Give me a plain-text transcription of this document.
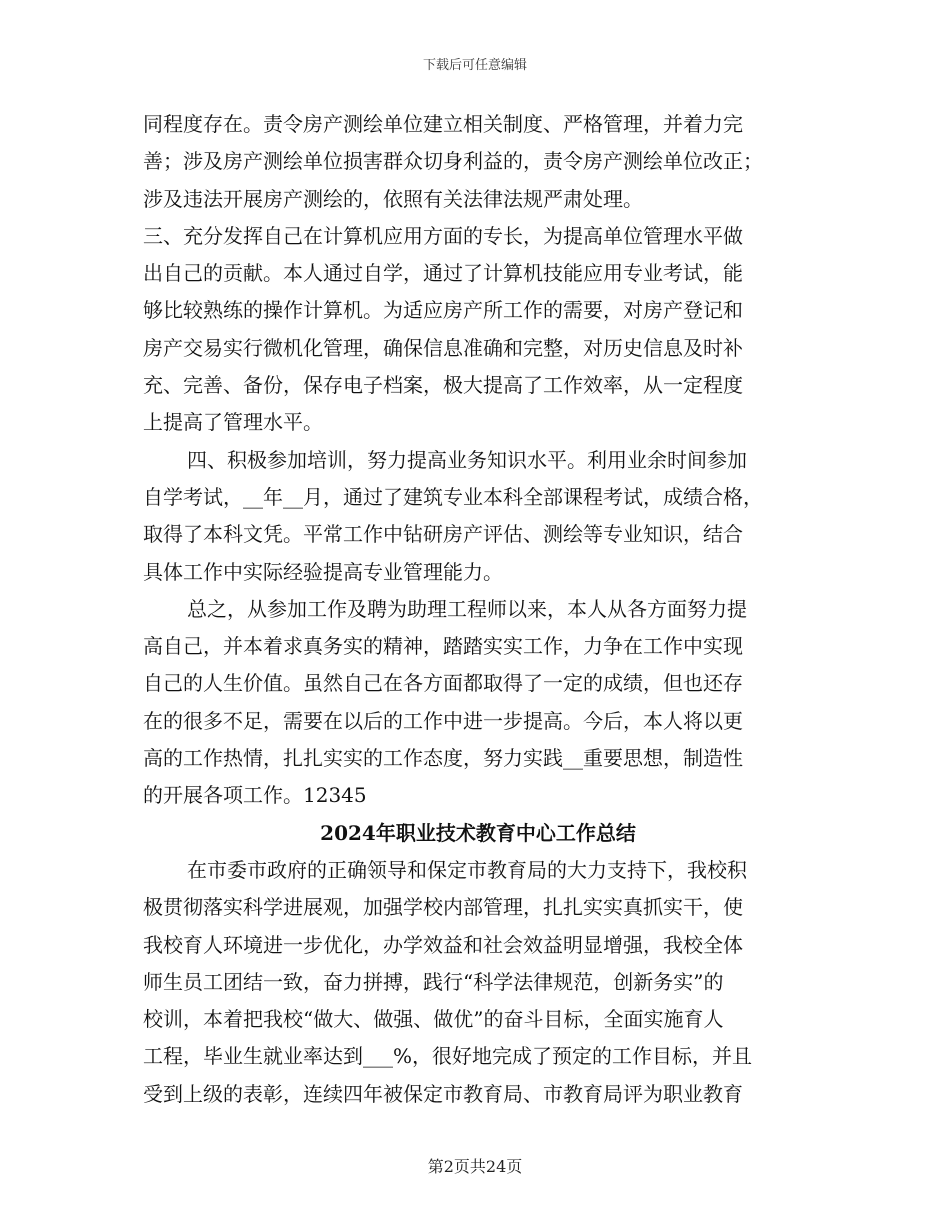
下载后可任意编辑
同程度存在。责令房产测绘单位建立相关制度、严格管理，并着力完
善；涉及房产测绘单位损害群众切身利益的，责令房产测绘单位改正；
涉及违法开展房产测绘的，依照有关法律法规严肃处理。
三、充分发挥自己在计算机应用方面的专长，为提高单位管理水平做
出自己的贡献。本人通过自学，通过了计算机技能应用专业考试，能
够比较熟练的操作计算机。为适应房产所工作的需要，对房产登记和
房产交易实行微机化管理，确保信息准确和完整，对历史信息及时补
充、完善、备份，保存电子档案，极大提高了工作效率，从一定程度
上提高了管理水平。
四、积极参加培训，努力提高业务知识水平。利用业余时间参加
自学考试，__年__月，通过了建筑专业本科全部课程考试，成绩合格，
取得了本科文凭。平常工作中钻研房产评估、测绘等专业知识，结合
具体工作中实际经验提高专业管理能力。
总之，从参加工作及聘为助理工程师以来，本人从各方面努力提
高自己，并本着求真务实的精神，踏踏实实工作，力争在工作中实现
自己的人生价值。虽然自己在各方面都取得了一定的成绩，但也还存
在的很多不足，需要在以后的工作中进一步提高。今后，本人将以更
高的工作热情，扎扎实实的工作态度，努力实践__重要思想，制造性
的开展各项工作。12345
2024年职业技术教育中心工作总结
在市委市政府的正确领导和保定市教育局的大力支持下，我校积
极贯彻落实科学进展观，加强学校内部管理，扎扎实实真抓实干，使
我校育人环境进一步优化，办学效益和社会效益明显增强，我校全体
师生员工团结一致，奋力拼搏，践行“科学法律规范，创新务实”的
校训，本着把我校“做大、做强、做优”的奋斗目标，全面实施育人
工程，毕业生就业率达到___%，很好地完成了预定的工作目标，并且
受到上级的表彰，连续四年被保定市教育局、市教育局评为职业教育
第2页共24页
